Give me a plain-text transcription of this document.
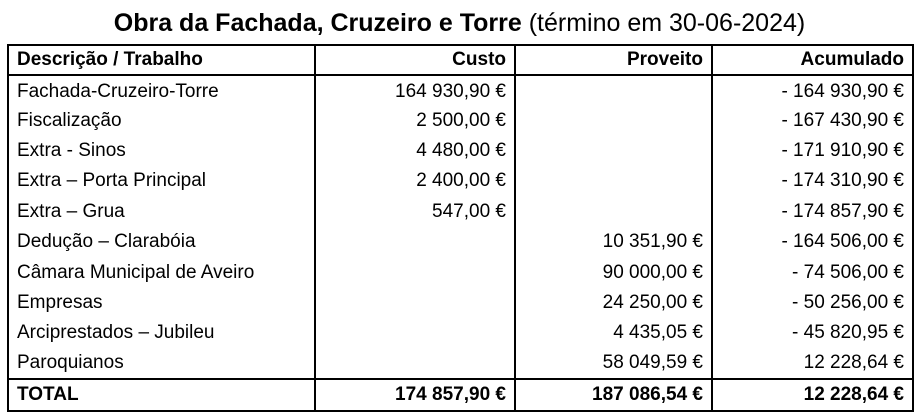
Obra da Fachada, Cruzeiro e Torre (término em 30-06-2024)
Descrição / Trabalho	Custo	Proveito	Acumulado
Fachada-Cruzeiro-Torre	164 930,90 €		- 164 930,90 €
Fiscalização	2 500,00 €		- 167 430,90 €
Extra - Sinos	4 480,00 €		- 171 910,90 €
Extra – Porta Principal	2 400,00 €		- 174 310,90 €
Extra – Grua	547,00 €		- 174 857,90 €
Dedução – Clarabóia		10 351,90 €	- 164 506,00 €
Câmara Municipal de Aveiro		90 000,00 €	- 74 506,00 €
Empresas		24 250,00 €	- 50 256,00 €
Arciprestados – Jubileu		4 435,05 €	- 45 820,95 €
Paroquianos		58 049,59 €	12 228,64 €
TOTAL	174 857,90 €	187 086,54 €	12 228,64 €
